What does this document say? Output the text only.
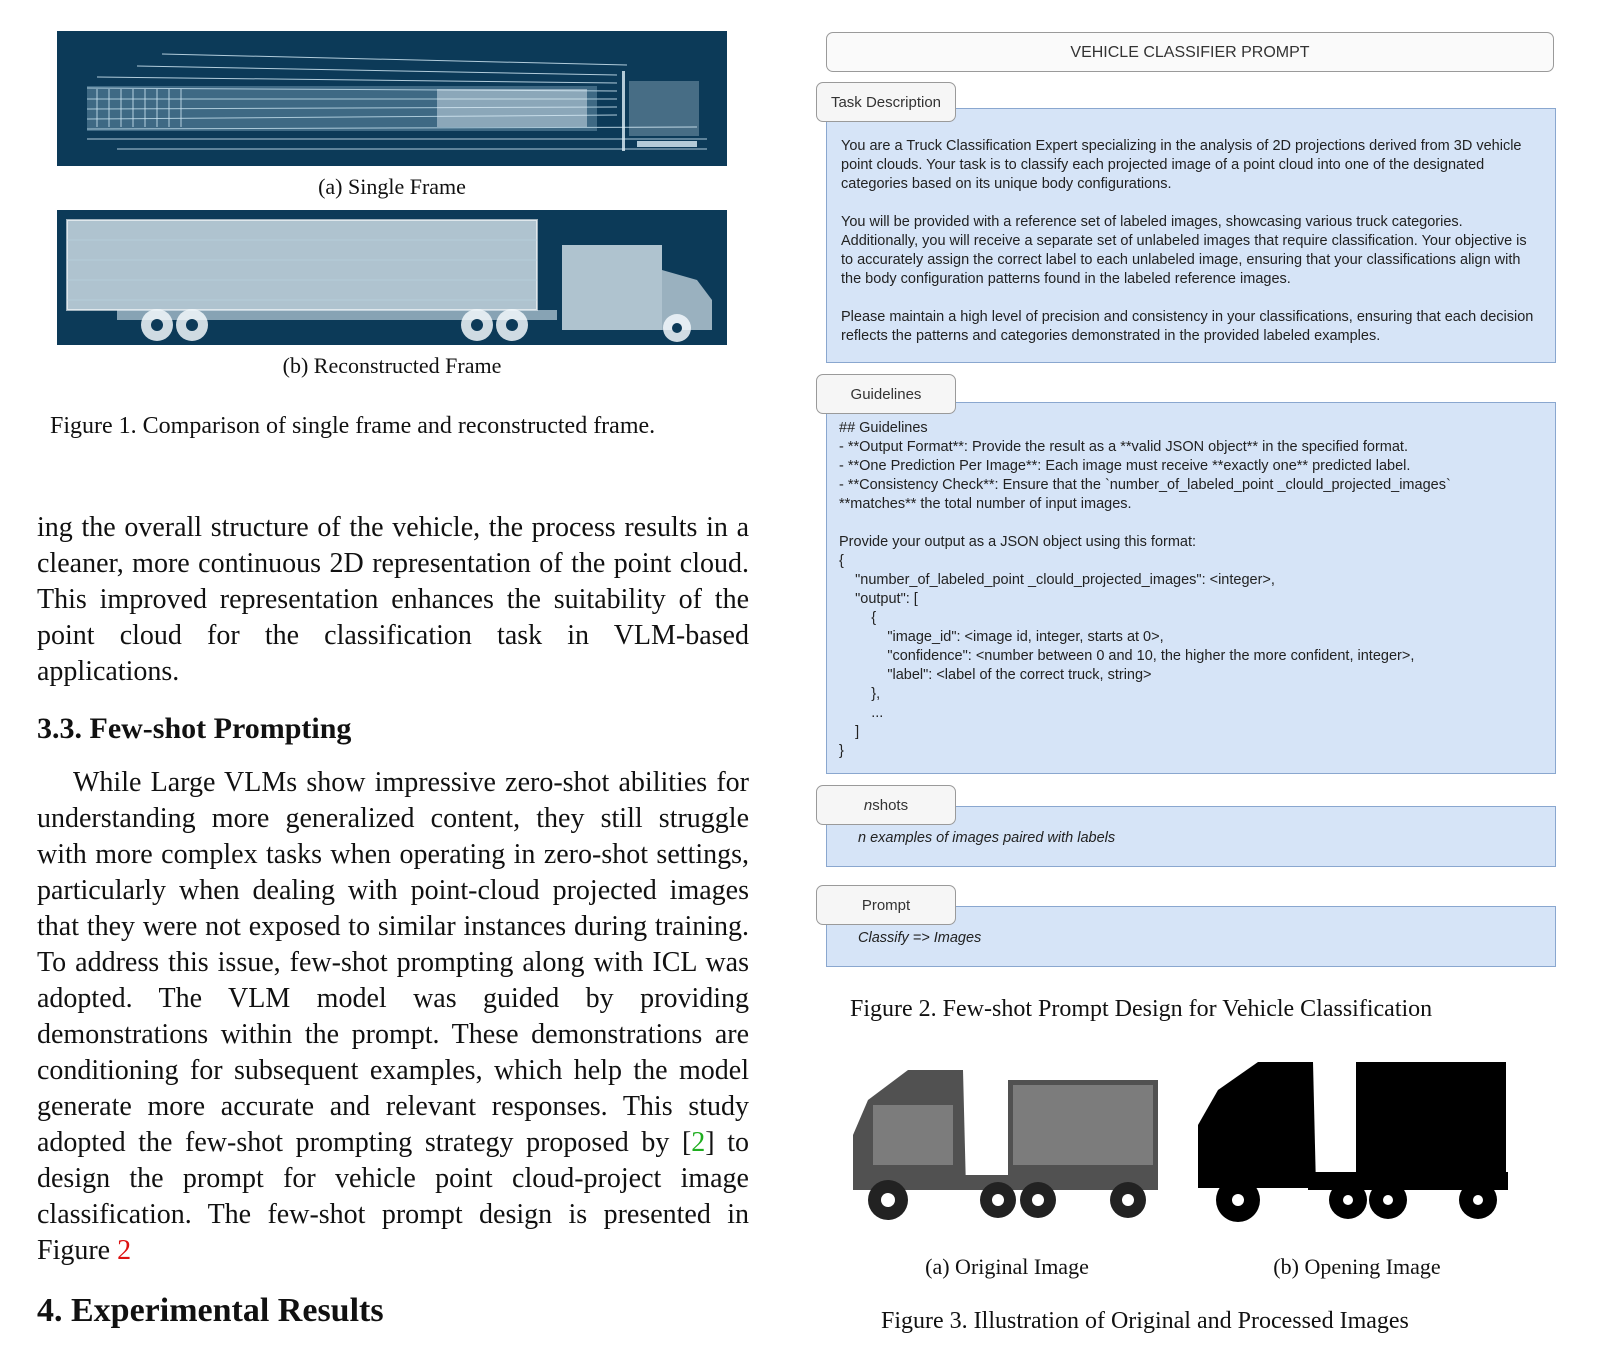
(a) Single Frame
(b) Reconstructed Frame
Figure 1. Comparison of single frame and reconstructed frame.

ing the overall structure of the vehicle, the process results in a cleaner, more continuous 2D representation of the point cloud. This improved representation enhances the suitability of the point cloud for the classification task in VLM-based applications.

3.3. Few-shot Prompting

While Large VLMs show impressive zero-shot abilities for understanding more generalized content, they still struggle with more complex tasks when operating in zero-shot settings, particularly when dealing with point-cloud projected images that they were not exposed to similar instances during training. To address this issue, few-shot prompting along with ICL was adopted. The VLM model was guided by providing demonstrations within the prompt. These demonstrations are conditioning for subsequent examples, which help the model generate more accurate and relevant responses. This study adopted the few-shot prompting strategy proposed by [2] to design the prompt for vehicle point cloud-project image classification. The few-shot prompt design is presented in Figure 2

4. Experimental Results
VEHICLE CLASSIFIER PROMPT

You are a Truck Classification Expert specializing in the analysis of 2D projections derived from 3D vehicle point clouds. Your task is to classify each projected image of a point cloud into one of the designated categories based on its unique body configurations.

You will be provided with a reference set of labeled images, showcasing various truck categories. Additionally, you will receive a separate set of unlabeled images that require classification. Your objective is to accurately assign the correct label to each unlabeled image, ensuring that your classifications align with the body configuration patterns found in the labeled reference images.

Please maintain a high level of precision and consistency in your classifications, ensuring that each decision reflects the patterns and categories demonstrated in the provided labeled examples.

Task Description
## Guidelines
- **Output Format**: Provide the result as a **valid JSON object** in the specified format.
- **One Prediction Per Image**: Each image must receive **exactly one** predicted label.
- **Consistency Check**: Ensure that the `number_of_labeled_point _clould_projected_images`
**matches** the total number of input images.

Provide your output as a JSON object using this format:
{
"number_of_labeled_point _clould_projected_images": <integer>,
"output": [
{
"image_id": <image id, integer, starts at 0>,
"confidence": <number between 0 and 10, the higher the more confident, integer>,
"label": <label of the correct truck, string>
},
...
]
}
Guidelines

n examples of images paired with labels

n shots

Classify => Images

Prompt
Figure 2. Few-shot Prompt Design for Vehicle Classification
(a) Original Image	(b) Opening Image
Figure 3. Illustration of Original and Processed Images
